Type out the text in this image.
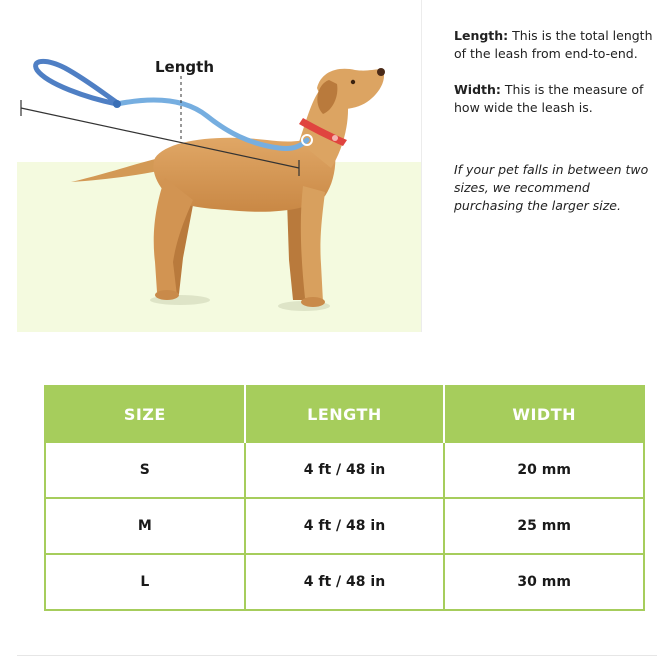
Length

Length: This is the total length of the leash from end-to-end.

Width: This is the measure of how wide the leash is.

If your pet falls in between two sizes, we recommend purchasing the larger size.

SIZE	LENGTH	WIDTH
S	4 ft / 48 in	20 mm
M	4 ft / 48 in	25 mm
L	4 ft / 48 in	30 mm
